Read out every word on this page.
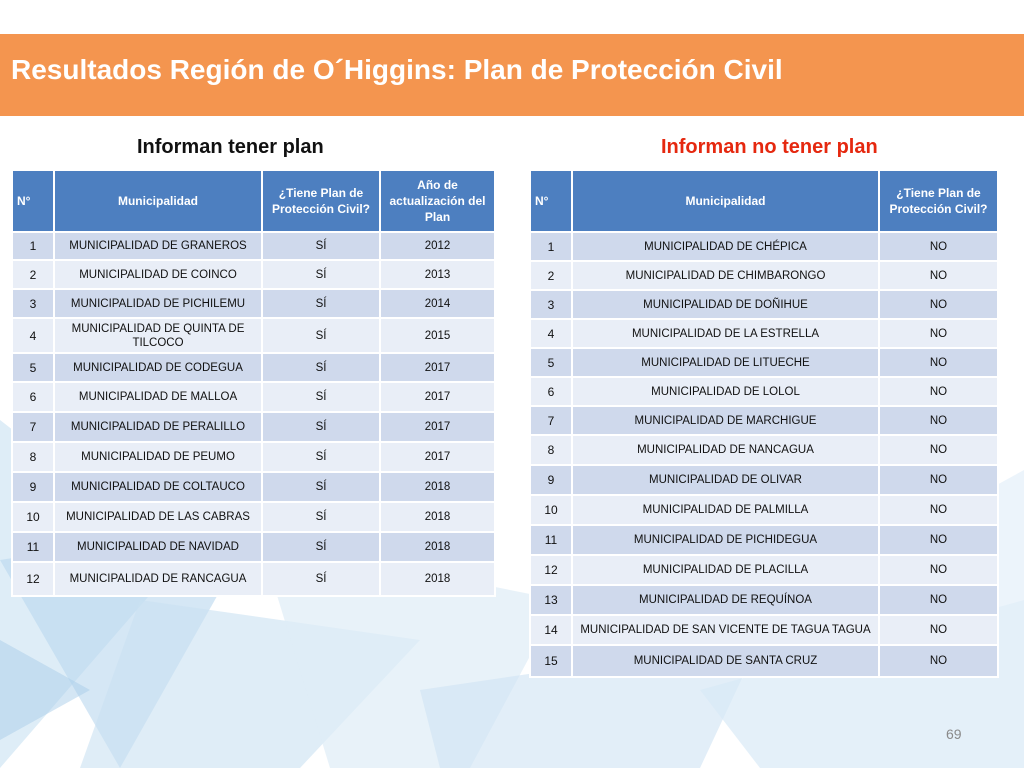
Resultados Región de O´Higgins: Plan de Protección Civil
Informan tener plan	Informan no tener plan
N°	Municipalidad	¿Tiene Plan de Protección Civil?	Año de actualización del Plan
1	MUNICIPALIDAD DE GRANEROS	SÍ	2012
2	MUNICIPALIDAD DE COINCO	SÍ	2013
3	MUNICIPALIDAD DE PICHILEMU	SÍ	2014
4	MUNICIPALIDAD DE QUINTA DE TILCOCO	SÍ	2015
5	MUNICIPALIDAD DE CODEGUA	SÍ	2017
6	MUNICIPALIDAD DE MALLOA	SÍ	2017
7	MUNICIPALIDAD DE PERALILLO	SÍ	2017
8	MUNICIPALIDAD DE PEUMO	SÍ	2017
9	MUNICIPALIDAD DE COLTAUCO	SÍ	2018
10	MUNICIPALIDAD DE LAS CABRAS	SÍ	2018
11	MUNICIPALIDAD DE NAVIDAD	SÍ	2018
12	MUNICIPALIDAD DE RANCAGUA	SÍ	2018
N°	Municipalidad	¿Tiene Plan de Protección Civil?
1	MUNICIPALIDAD DE CHÉPICA	NO
2	MUNICIPALIDAD DE CHIMBARONGO	NO
3	MUNICIPALIDAD DE DOÑIHUE	NO
4	MUNICIPALIDAD DE LA ESTRELLA	NO
5	MUNICIPALIDAD DE LITUECHE	NO
6	MUNICIPALIDAD DE LOLOL	NO
7	MUNICIPALIDAD DE MARCHIGUE	NO
8	MUNICIPALIDAD DE NANCAGUA	NO
9	MUNICIPALIDAD DE OLIVAR	NO
10	MUNICIPALIDAD DE PALMILLA	NO
11	MUNICIPALIDAD DE PICHIDEGUA	NO
12	MUNICIPALIDAD DE PLACILLA	NO
13	MUNICIPALIDAD DE REQUÍNOA	NO
14	MUNICIPALIDAD DE SAN VICENTE DE TAGUA TAGUA	NO
15	MUNICIPALIDAD DE SANTA CRUZ	NO
69
